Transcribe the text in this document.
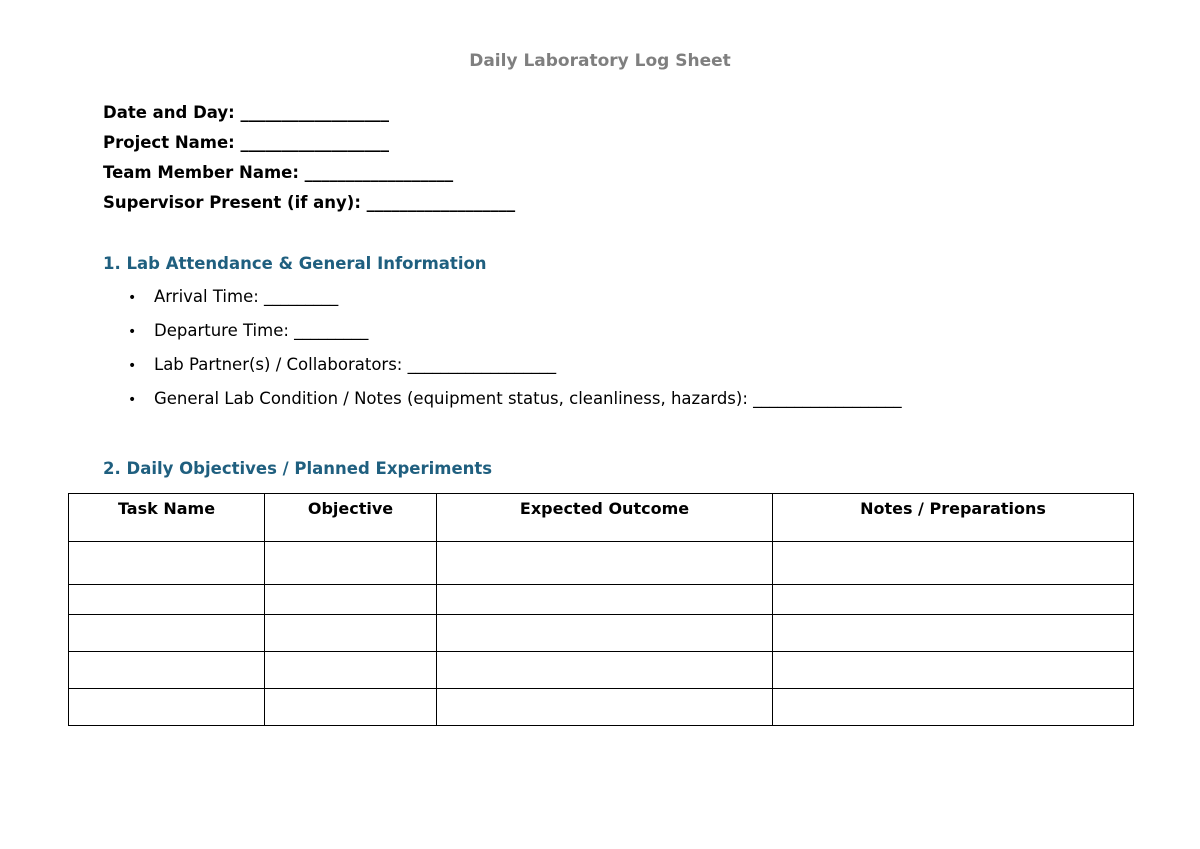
Daily Laboratory Log Sheet
Date and Day: __________________
Project Name: __________________
Team Member Name: __________________
Supervisor Present (if any): __________________
1. Lab Attendance & General Information
• Arrival Time: _________
• Departure Time: _________
• Lab Partner(s) / Collaborators: __________________
• General Lab Condition / Notes (equipment status, cleanliness, hazards): __________________
2. Daily Objectives / Planned Experiments
Task Name	Objective	Expected Outcome	Notes / Preparations
